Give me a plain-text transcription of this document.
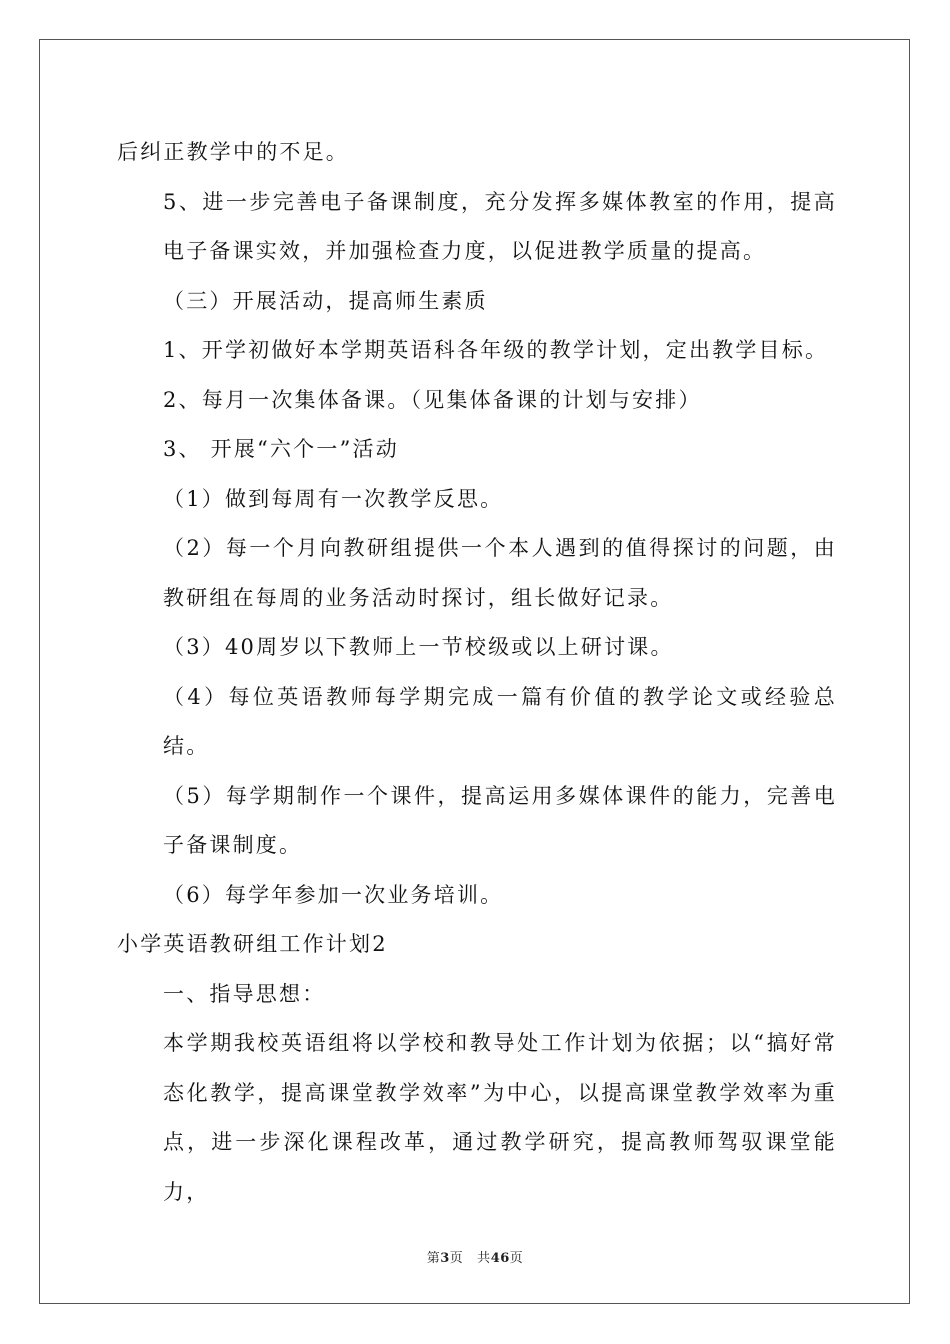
后纠正教学中的不足。

5、进一步完善电子备课制度，充分发挥多媒体教室的作用，提高电子备课实效，并加强检查力度，以促进教学质量的提高。

（三）开展活动，提高师生素质

1、开学初做好本学期英语科各年级的教学计划，定出教学目标。

2、每月一次集体备课。（见集体备课的计划与安排）

3、 开展“六个一”活动

（1）做到每周有一次教学反思。

（2）每一个月向教研组提供一个本人遇到的值得探讨的问题，由教研组在每周的业务活动时探讨，组长做好记录。

（3）40周岁以下教师上一节校级或以上研讨课。

（4）每位英语教师每学期完成一篇有价值的教学论文或经验总结。

（5）每学期制作一个课件，提高运用多媒体课件的能力，完善电子备课制度。

（6）每学年参加一次业务培训。

小学英语教研组工作计划2

一、指导思想：

本学期我校英语组将以学校和教导处工作计划为依据；以“搞好常态化教学，提高课堂教学效率”为中心，以提高课堂教学效率为重点，进一步深化课程改革，通过教学研究，提高教师驾驭课堂能力，

第3页 共46页
